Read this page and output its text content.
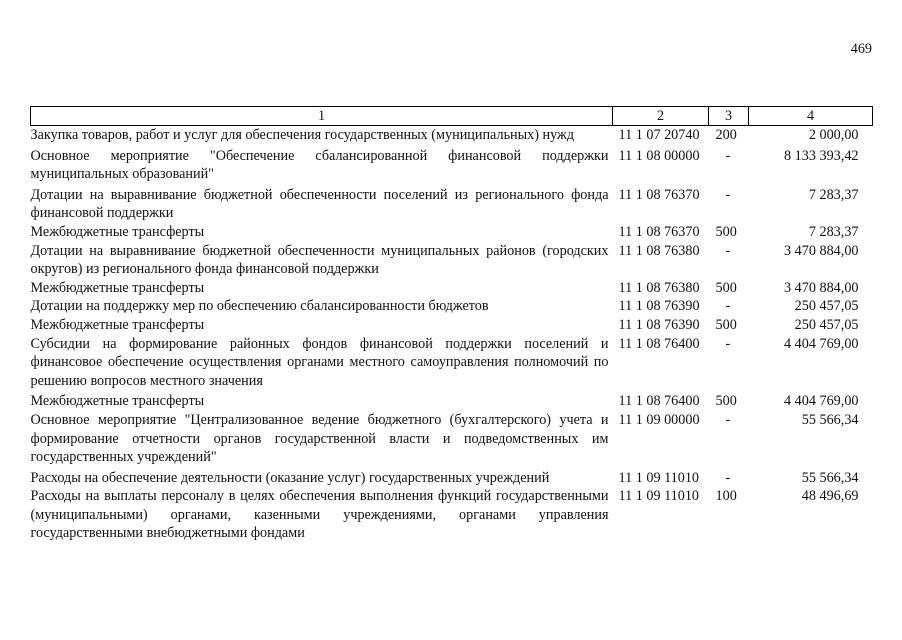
469
1	2	3	4
Закупка товаров, работ и услуг для обеспечения государственных (муниципальных) нужд	11 1 07 20740	200	2 000,00
Основное мероприятие "Обеспечение сбалансированной финансовой поддержки муниципальных образований"	11 1 08 00000	-	8 133 393,42
Дотации на выравнивание бюджетной обеспеченности поселений из регионального фонда финансовой поддержки	11 1 08 76370	-	7 283,37
Межбюджетные трансферты	11 1 08 76370	500	7 283,37
Дотации на выравнивание бюджетной обеспеченности муниципальных районов (городских округов) из регионального фонда финансовой поддержки	11 1 08 76380	-	3 470 884,00
Межбюджетные трансферты	11 1 08 76380	500	3 470 884,00
Дотации на поддержку мер по обеспечению сбалансированности бюджетов	11 1 08 76390	-	250 457,05
Межбюджетные трансферты	11 1 08 76390	500	250 457,05
Субсидии на формирование районных фондов финансовой поддержки поселений и финансовое обеспечение осуществления органами местного самоуправления полномочий по решению вопросов местного значения	11 1 08 76400	-	4 404 769,00
Межбюджетные трансферты	11 1 08 76400	500	4 404 769,00
Основное мероприятие "Централизованное ведение бюджетного (бухгалтерского) учета и формирование отчетности органов государственной власти и подведомственных им государственных учреждений"	11 1 09 00000	-	55 566,34
Расходы на обеспечение деятельности (оказание услуг) государственных учреждений	11 1 09 11010	-	55 566,34
Расходы на выплаты персоналу в целях обеспечения выполнения функций государственными (муниципальными) органами, казенными учреждениями, органами управления государственными внебюджетными фондами	11 1 09 11010	100	48 496,69
